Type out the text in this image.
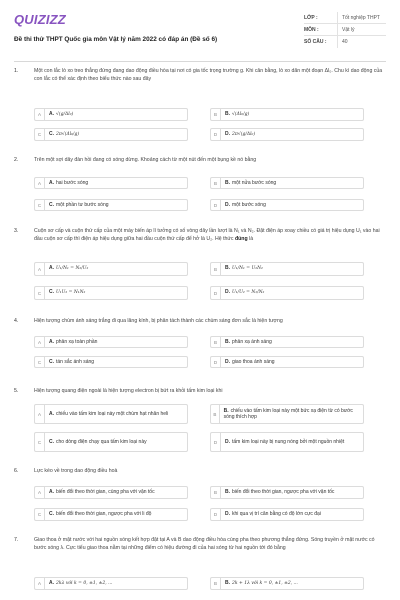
QUIZIZZ
Đề thi thử THPT Quốc gia môn Vật lý năm 2022 có đáp án (Đề số 6)
LỚP :	Tốt nghiệp THPT
MÔN :	Vật lý
SỐ CÂU :	40
1.	Một con lắc lò xo treo thẳng đứng đang dao động điều hòa tại nơi có gia tốc trọng trường g. Khi cân bằng, lò xo dãn một đoạn Δl₀. Chu kì dao động của con lắc có thể xác định theo biểu thức nào sau đây
A	A. √(g/Δl₀)	B	B. √(Δl₀/g)
C	C. 2π√(Δl₀/g)	D	D. 2π√(g/Δl₀)
2.	Trên một sợi dây đàn hồi đang có sóng dừng. Khoảng cách từ một nút đến một bụng kề nó bằng
A	A. hai bước sóng	B	B. một nửa bước sóng
C	C. một phần tư bước sóng	D	D. một bước sóng
3.	Cuộn sơ cấp và cuộn thứ cấp của một máy biến áp lí tưởng có số vòng dây lần lượt là N₁ và N₂. Đặt điện áp xoay chiều có giá trị hiệu dụng U₁ vào hai đầu cuộn sơ cấp thì điện áp hiệu dụng giữa hai đầu cuộn thứ cấp để hở là U₂. Hệ thức đúng là
A	A. U₁/N₁ = N₂/U₂	B	B. U₁/N₁ = U₂N₂
C	C. U₁U₂ = N₁N₂	D	D. U₁/U₂ = N₁/N₂
4.	Hiện tượng chùm ánh sáng trắng đi qua lăng kính, bị phân tách thành các chùm sáng đơn sắc là hiện tượng
A	A. phản xạ toàn phần	B	B. phản xạ ánh sáng
C	C. tán sắc ánh sáng	D	D. giao thoa ánh sáng
5.	Hiện tượng quang điện ngoài là hiện tượng electron bị bứt ra khỏi tấm kim loại khi
A	A. chiếu vào tấm kim loại này một chùm hạt nhân heli	B
B. chiếu vào tấm kim loại này một bức xạ điện từ có bước sóng thích hợp
C	C. cho dòng điện chạy qua tấm kim loại này	D	D. tấm kim loại này bị nung nóng bởi một nguồn nhiệt
6.	Lực kéo về trong dao động điều hoà
A	A. biến đổi theo thời gian, cùng pha với vận tốc	B	B. biến đổi theo thời gian, ngược pha với vận tốc
C	C. biến đổi theo thời gian, ngược pha với li độ	D	D. khi qua vị trí cân bằng có độ lớn cực đại
7.	Giao thoa ở mặt nước với hai nguồn sóng kết hợp đặt tại A và B dao động điều hòa cùng pha theo phương thẳng đứng. Sóng truyền ở mặt nước có bước sóng λ. Cực tiểu giao thoa nằm tại những điểm có hiệu đường đi của hai sóng từ hai nguồn tới đó bằng
A	A. 2kλ với k = 0, ±1, ±2, ...	B	B. 2k + 1λ với k = 0, ±1, ±2, ...
